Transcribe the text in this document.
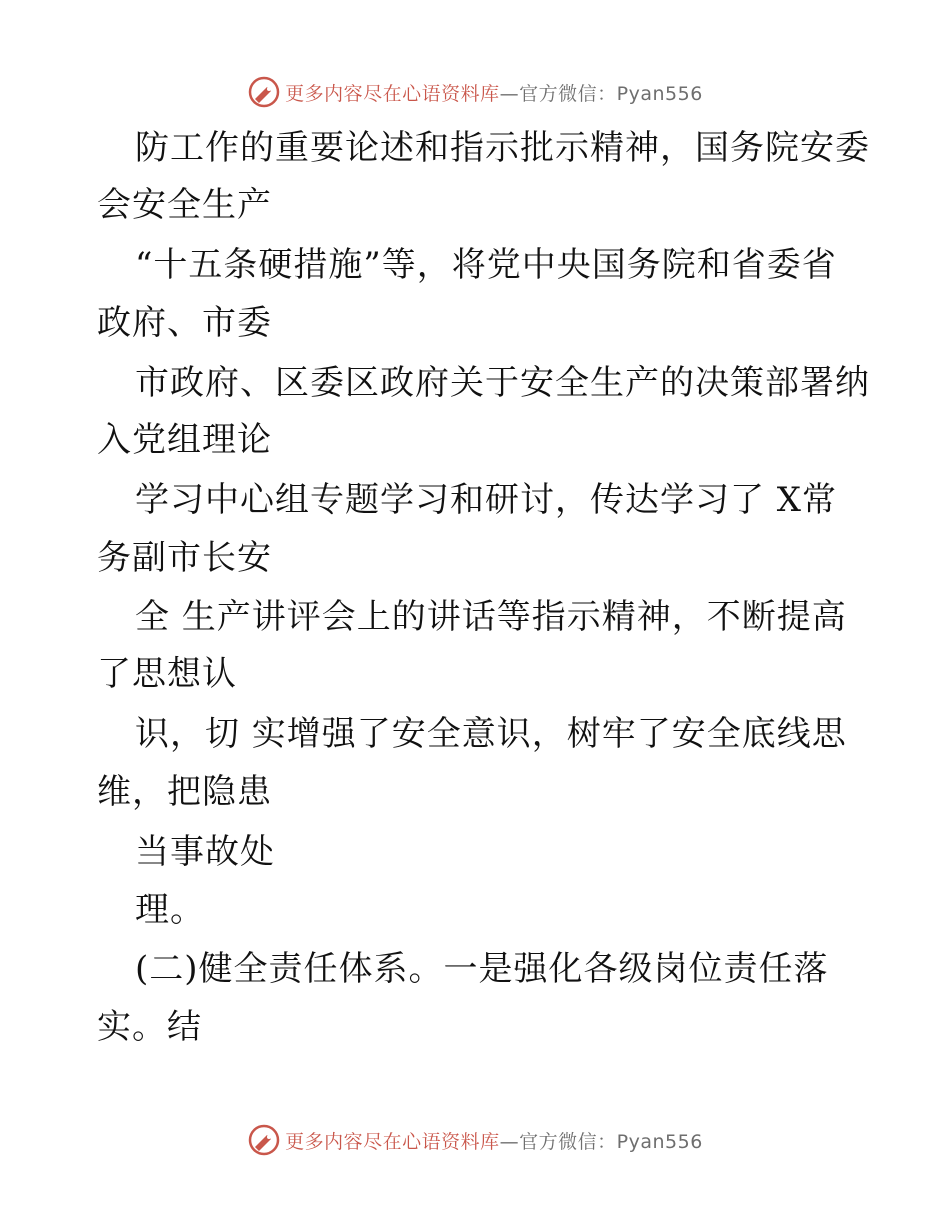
更多内容尽在心语资料库—官方微信：Pyan556
防工作的重要论述和指示批示精神，国务院安委
会安全生产
“十五条硬措施”等，将党中央国务院和省委省
政府、市委
市政府、区委区政府关于安全生产的决策部署纳
入党组理论
学习中心组专题学习和研讨，传达学习了 X常
务副市长安
全 生产讲评会上的讲话等指示精神，不断提高
了思想认
识，切 实增强了安全意识，树牢了安全底线思
维，把隐患
当事故处
理。
(二)健全责任体系。一是强化各级岗位责任落
实。结
更多内容尽在心语资料库—官方微信：Pyan556
